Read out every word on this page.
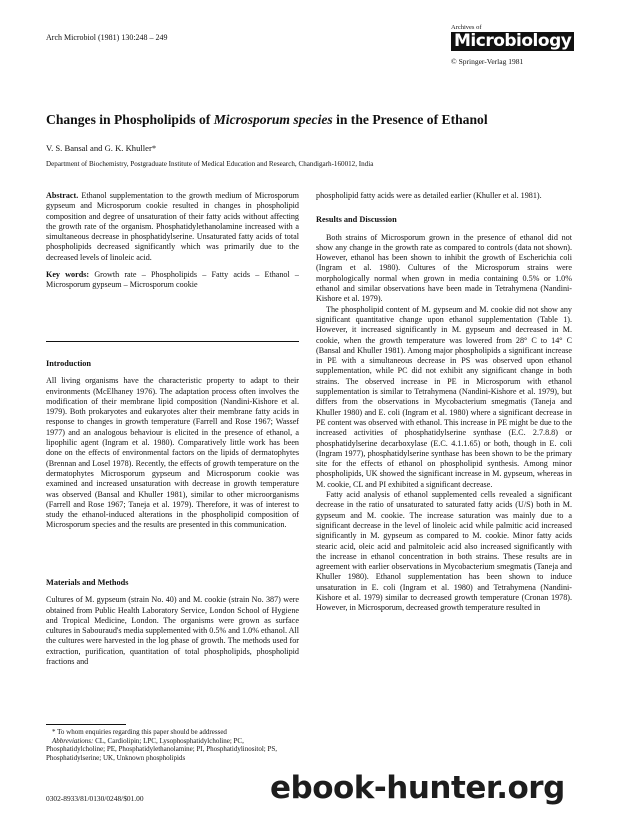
Arch Microbiol (1981) 130:248 – 249
Archives of
Microbiology
© Springer-Verlag 1981
Changes in Phospholipids of Microsporum species in the Presence of Ethanol
V. S. Bansal and G. K. Khuller*
Department of Biochemistry, Postgraduate Institute of Medical Education and Research, Chandigarh-160012, India

Abstract. Ethanol supplementation to the growth medium of Microsporum gypseum and Microsporum cookie resulted in changes in phospholipid composition and degree of unsaturation of their fatty acids without affecting the growth rate of the organism. Phosphatidylethanolamine increased with a simultaneous decrease in phosphatidylserine. Unsaturated fatty acids of total phospholipids decreased significantly which was primarily due to the decreased levels of linoleic acid.

Key words: Growth rate – Phospholipids – Fatty acids – Ethanol – Microsporum gypseum – Microsporum cookie

Introduction

All living organisms have the characteristic property to adapt to their environments (McElhaney 1976). The adaptation process often involves the modification of their membrane lipid composition (Nandini-Kishore et al. 1979). Both prokaryotes and eukaryotes alter their membrane fatty acids in response to changes in growth temperature (Farrell and Rose 1967; Wassef 1977) and an analogous behaviour is elicited in the presence of ethanol, a lipophilic agent (Ingram et al. 1980). Comparatively little work has been done on the effects of environmental factors on the lipids of dermatophytes (Brennan and Losel 1978). Recently, the effects of growth temperature on the dermatophytes Microsporum gypseum and Microsporum cookie was examined and increased unsaturation with decrease in growth temperature was observed (Bansal and Khuller 1981), similar to other microorganisms (Farrell and Rose 1967; Taneja et al. 1979). Therefore, it was of interest to study the ethanol-induced alterations in the phospholipid composition of Microsporum species and the results are presented in this communication.

Materials and Methods

Cultures of M. gypseum (strain No. 40) and M. cookie (strain No. 387) were obtained from Public Health Laboratory Service, London School of Hygiene and Tropical Medicine, London. The organisms were grown as surface cultures in Sabouraud's media supplemented with 0.5% and 1.0% ethanol. All the cultures were harvested in the log phase of growth. The methods used for extraction, purification, quantitation of total phospholipids, phospholipid fractions and

* To whom enquiries regarding this paper should be addressed
Abbreviations: CL, Cardiolipin; LPC, Lysophosphatidylcholine; PC, Phosphatidylcholine; PE, Phosphatidylethanolamine; PI, Phosphatidylinositol; PS, Phosphatidylserine; UK, Unknown phospholipids
0302-8933/81/0130/0248/$01.00

phospholipid fatty acids were as detailed earlier (Khuller et al. 1981).

Results and Discussion

Both strains of Microsporum grown in the presence of ethanol did not show any change in the growth rate as compared to controls (data not shown). However, ethanol has been shown to inhibit the growth of Escherichia coli (Ingram et al. 1980). Cultures of the Microsporum strains were morphologically normal when grown in media containing 0.5% or 1.0% ethanol and similar observations have been made in Tetrahymena (Nandini-Kishore et al. 1979).

The phospholipid content of M. gypseum and M. cookie did not show any significant quantitative change upon ethanol supplementation (Table 1). However, it increased significantly in M. gypseum and decreased in M. cookie, when the growth temperature was lowered from 28° C to 14° C (Bansal and Khuller 1981). Among major phospholipids a significant increase in PE with a simultaneous decrease in PS was observed upon ethanol supplementation, while PC did not exhibit any significant change in both strains. The observed increase in PE in Microsporum with ethanol supplementation is similar to Tetrahymena (Nandini-Kishore et al. 1979), but differs from the observations in Mycobacterium smegmatis (Taneja and Khuller 1980) and E. coli (Ingram et al. 1980) where a significant decrease in PE content was observed with ethanol. This increase in PE might be due to the increased activities of phosphatidylserine synthase (E.C. 2.7.8.8) or phosphatidylserine decarboxylase (E.C. 4.1.1.65) or both, though in E. coli (Ingram 1977), phosphatidylserine synthase has been shown to be the primary site for the effects of ethanol on phospholipid synthesis. Among minor phospholipids, UK showed the significant increase in M. gypseum, whereas in M. cookie, CL and PI exhibited a significant decrease.

Fatty acid analysis of ethanol supplemented cells revealed a significant decrease in the ratio of unsaturated to saturated fatty acids (U/S) both in M. gypseum and M. cookie. The increase saturation was mainly due to a significant decrease in the level of linoleic acid while palmitic acid increased significantly in M. gypseum as compared to M. cookie. Minor fatty acids stearic acid, oleic acid and palmitoleic acid also increased significantly with the increase in ethanol concentration in both strains. These results are in agreement with earlier observations in Mycobacterium smegmatis (Taneja and Khuller 1980). Ethanol supplementation has been shown to induce unsaturation in E. coli (Ingram et al. 1980) and Tetrahymena (Nandini-Kishore et al. 1979) similar to decreased growth temperature (Cronan 1978). However, in Microsporum, decreased growth temperature resulted in

ebook-hunter.org
